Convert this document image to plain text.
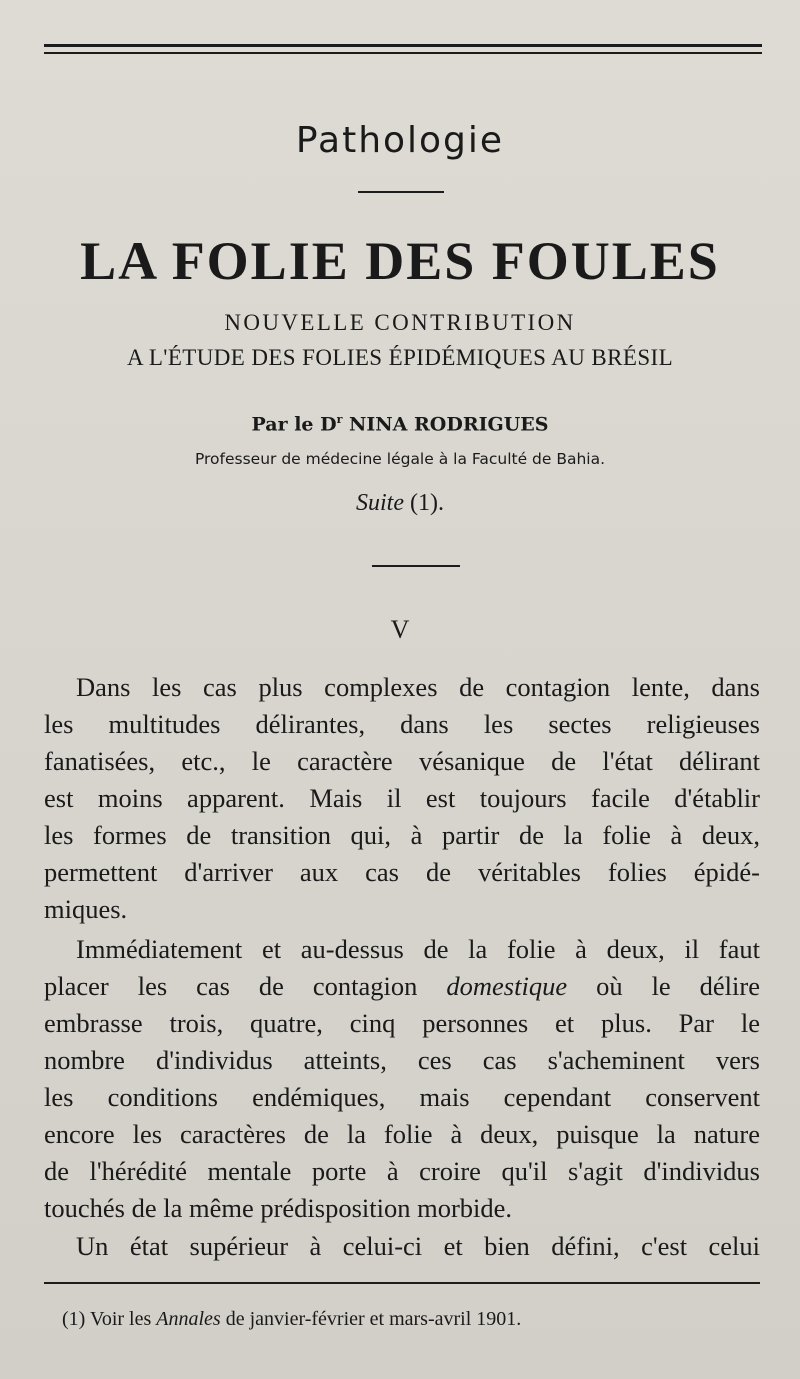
Pathologie
LA FOLIE DES FOULES
NOUVELLE CONTRIBUTION
A L'ÉTUDE DES FOLIES ÉPIDÉMIQUES AU BRÉSIL
Par le $D^r$ NINA RODRIGUES
Professeur de médecine légale à la Faculté de Bahia.
Suite (1).
V
Dans les cas plus complexes de contagion lente, dans
les multitudes délirantes, dans les sectes religieuses
fanatisées, etc., le caractère vésanique de l'état délirant
est moins apparent. Mais il est toujours facile d'établir
les formes de transition qui, à partir de la folie à deux,
permettent d'arriver aux cas de véritables folies épidé-
miques.
Immédiatement et au-dessus de la folie à deux, il faut
placer les cas de contagion domestique où le délire
embrasse trois, quatre, cinq personnes et plus. Par le
nombre d'individus atteints, ces cas s'acheminent vers
les conditions endémiques, mais cependant conservent
encore les caractères de la folie à deux, puisque la nature
de l'hérédité mentale porte à croire qu'il s'agit d'individus
touchés de la même prédisposition morbide.
Un état supérieur à celui-ci et bien défini, c'est celui
(1) Voir les Annales de janvier-février et mars-avril 1901.
